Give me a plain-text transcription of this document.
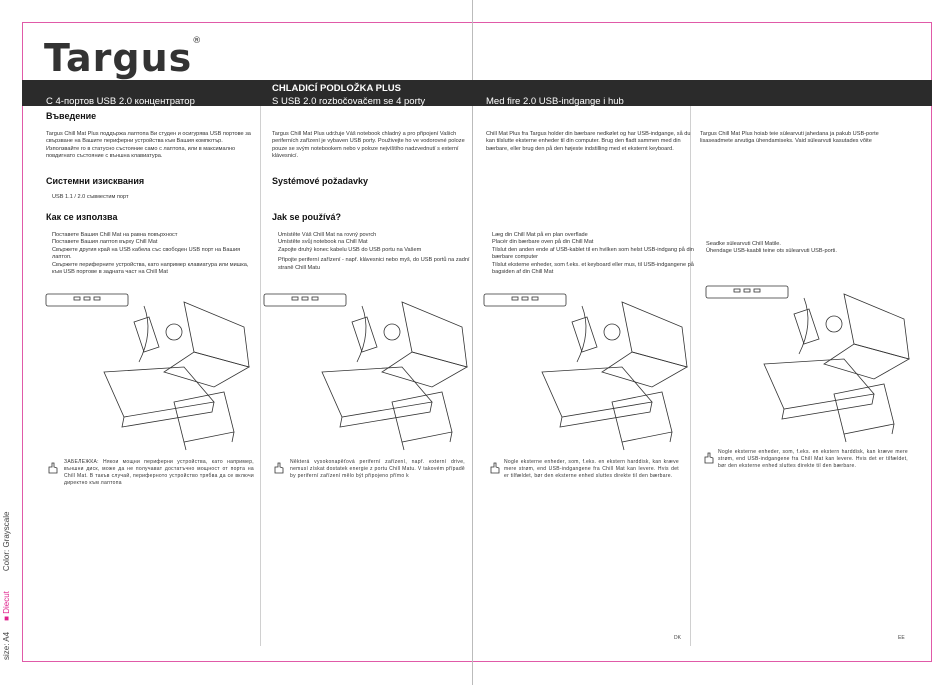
Targus®
С 4-портов USB 2.0 концентратор
CHLADICÍ PODLOŽKA PLUS
S USB 2.0 rozbočovačem se 4 porty	Med fire 2.0 USB-indgange i hub
Въведение
Targus Chill Mat Plus поддържа лаптопа Ви студен и осигурява USB портове за свързване на Вашите периферни устройства към Вашия компютър. Използвайте го в статусно състояние само с лаптопа, или в максимално повдигнато състояние с външна клавиатура.
Системни изисквания
USB 1.1 / 2.0 съвместим порт
Как се използва
Поставете Вашия Chill Mat на равна повърхност
Поставете Вашия лаптоп върху Chill Mat
Свържете другия край на USB кабела със свободен USB порт на Вашия лаптоп.
Свържете периферните устройства, като например клавиатура или мишка, към USB портове в задната част на Chill Mat
Targus Chill Mat Plus udržuje Váš notebook chladný a pro připojení Vašich periferních zařízení je vybaven USB porty. Použivejte ho ve vodorovné poloze pouze se svým notebookem nebo v poloze nejvíštího nadzvednutí s externí klávesnicí.
Systémové požadavky
Jak se používá?
Umístěte Váš Chill Mat na rovný povrch
Umístěte svůj notebook na Chill Mat
Zapojte druhý konec kabelu USB do USB portu na Vašem
Připojte periferní zařízení - např. klávesnici nebo myš, do USB portů na zadní straně Chill Matu
Chill Mat Plus fra Targus holder din bærbare nedkølet og har USB-indgange, så du kan tilslutte eksterne enheder til din computer. Brug den fladt sammen med din bærbare, eller brug den på den højeste indstilling med et eksternt keyboard.
Læg din Chill Mat på en plan overflade
Placér din bærbare oven på din Chill Mat
Tilslut den anden ende af USB-kablet til en hvilken som helst USB-indgang på din bærbare computer
Tilslut eksterne enheder, som f.eks. et keyboard eller mus, til USB-indgangene på bagsiden af din Chill Mat
Targus Chill Mat Plus hoiab teie sülearvuti jahedana ja pakub USB-porte lisaseadmete arvutiga ühendamiseks. Vaid sülearvuti kasutades võite
Seadke sülearvuti Chill Matile.
Ühendage USB-kaabli teine ots sülearvuti USB-porti.
ЗАБЕЛЕЖКА: Някои мощни периферни устройства, като например, външни диск, може да не получават достатъчно мощност от порта на Chill Mat. В такъв случай, периферното устройство трябва да се включи директно към лаптопа
Některá vysokonapěťová periferní zařízení, např. externí drive, nemusí získat dostatek energie z portu Chill Matu. V takovém případě by periferní zařízení mělo být připojeno přímo k
Nogle eksterne enheder, som, f.eks. en ekstern harddisk, kan kræve mere strøm, end USB-indgangene fra Chill Mat kan levere. Hvis det er tilfældet, bør den eksterne enhed sluttes direkte til den bærbare.
Nogle eksterne enheder, som, f.eks. en ekstern harddisk, kan kræve mere strøm, end USB-indgangene fra Chill Mat kan levere. Hvis det er tilfældet, bør den eksterne enhed sluttes direkte til den bærbare.
DK	EE
size: A4     ■ Diecut         Color: Grayscale
